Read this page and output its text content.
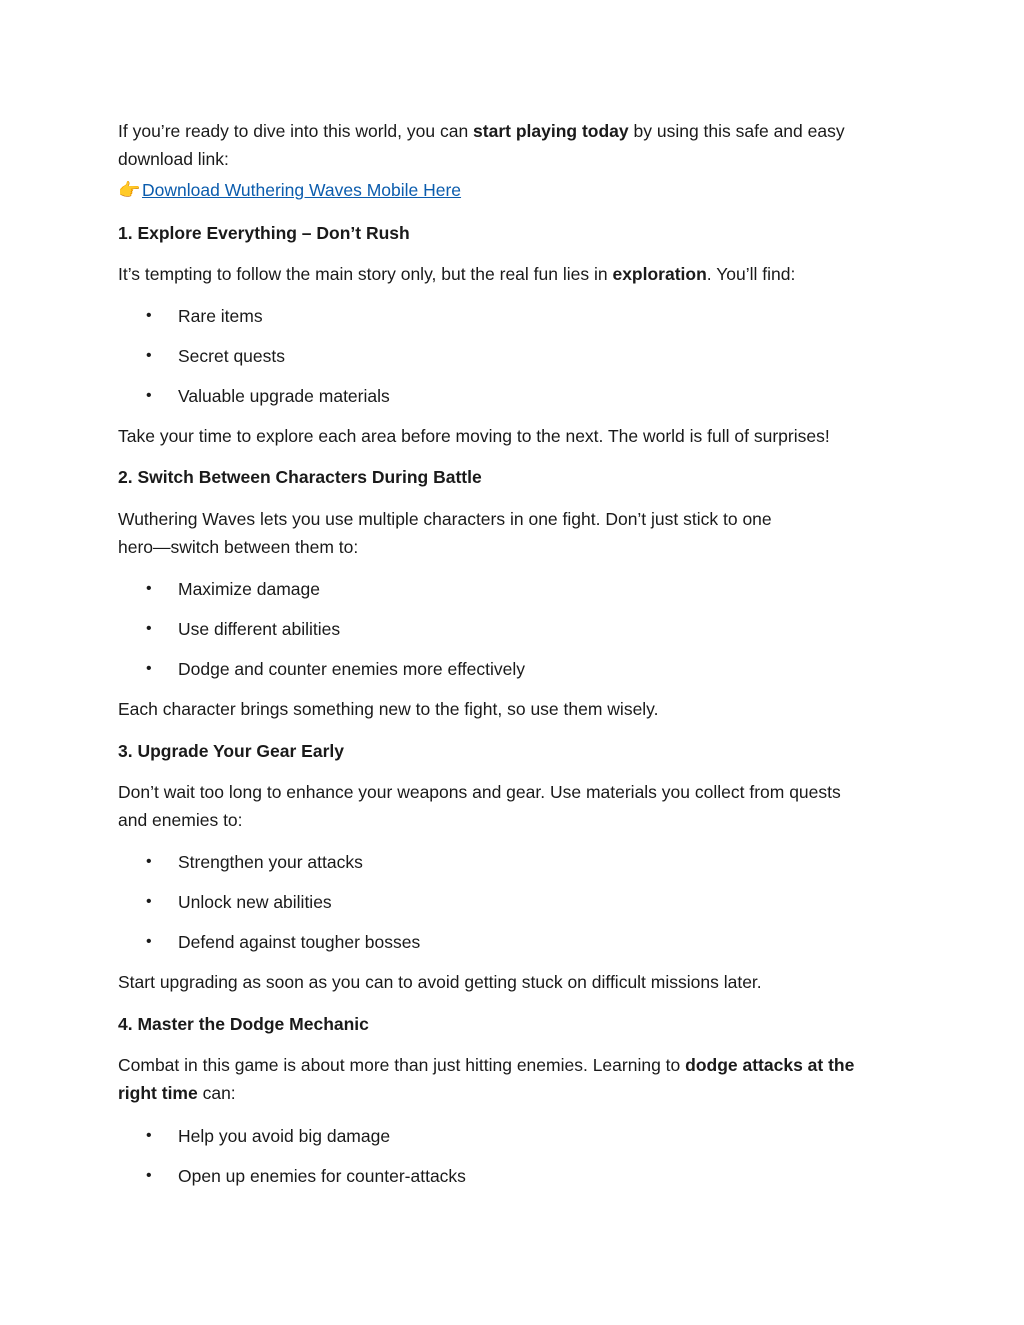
If you’re ready to dive into this world, you can start playing today by using this safe and easy
download link:
👉Download Wuthering Waves Mobile Here
1. Explore Everything – Don’t Rush
It’s tempting to follow the main story only, but the real fun lies in exploration. You’ll find:
• Rare items
• Secret quests
• Valuable upgrade materials
Take your time to explore each area before moving to the next. The world is full of surprises!
2. Switch Between Characters During Battle
Wuthering Waves lets you use multiple characters in one fight. Don’t just stick to one
hero—switch between them to:
• Maximize damage
• Use different abilities
• Dodge and counter enemies more effectively
Each character brings something new to the fight, so use them wisely.
3. Upgrade Your Gear Early
Don’t wait too long to enhance your weapons and gear. Use materials you collect from quests
and enemies to:
• Strengthen your attacks
• Unlock new abilities
• Defend against tougher bosses
Start upgrading as soon as you can to avoid getting stuck on difficult missions later.
4. Master the Dodge Mechanic
Combat in this game is about more than just hitting enemies. Learning to dodge attacks at the
right time can:
• Help you avoid big damage
• Open up enemies for counter-attacks
